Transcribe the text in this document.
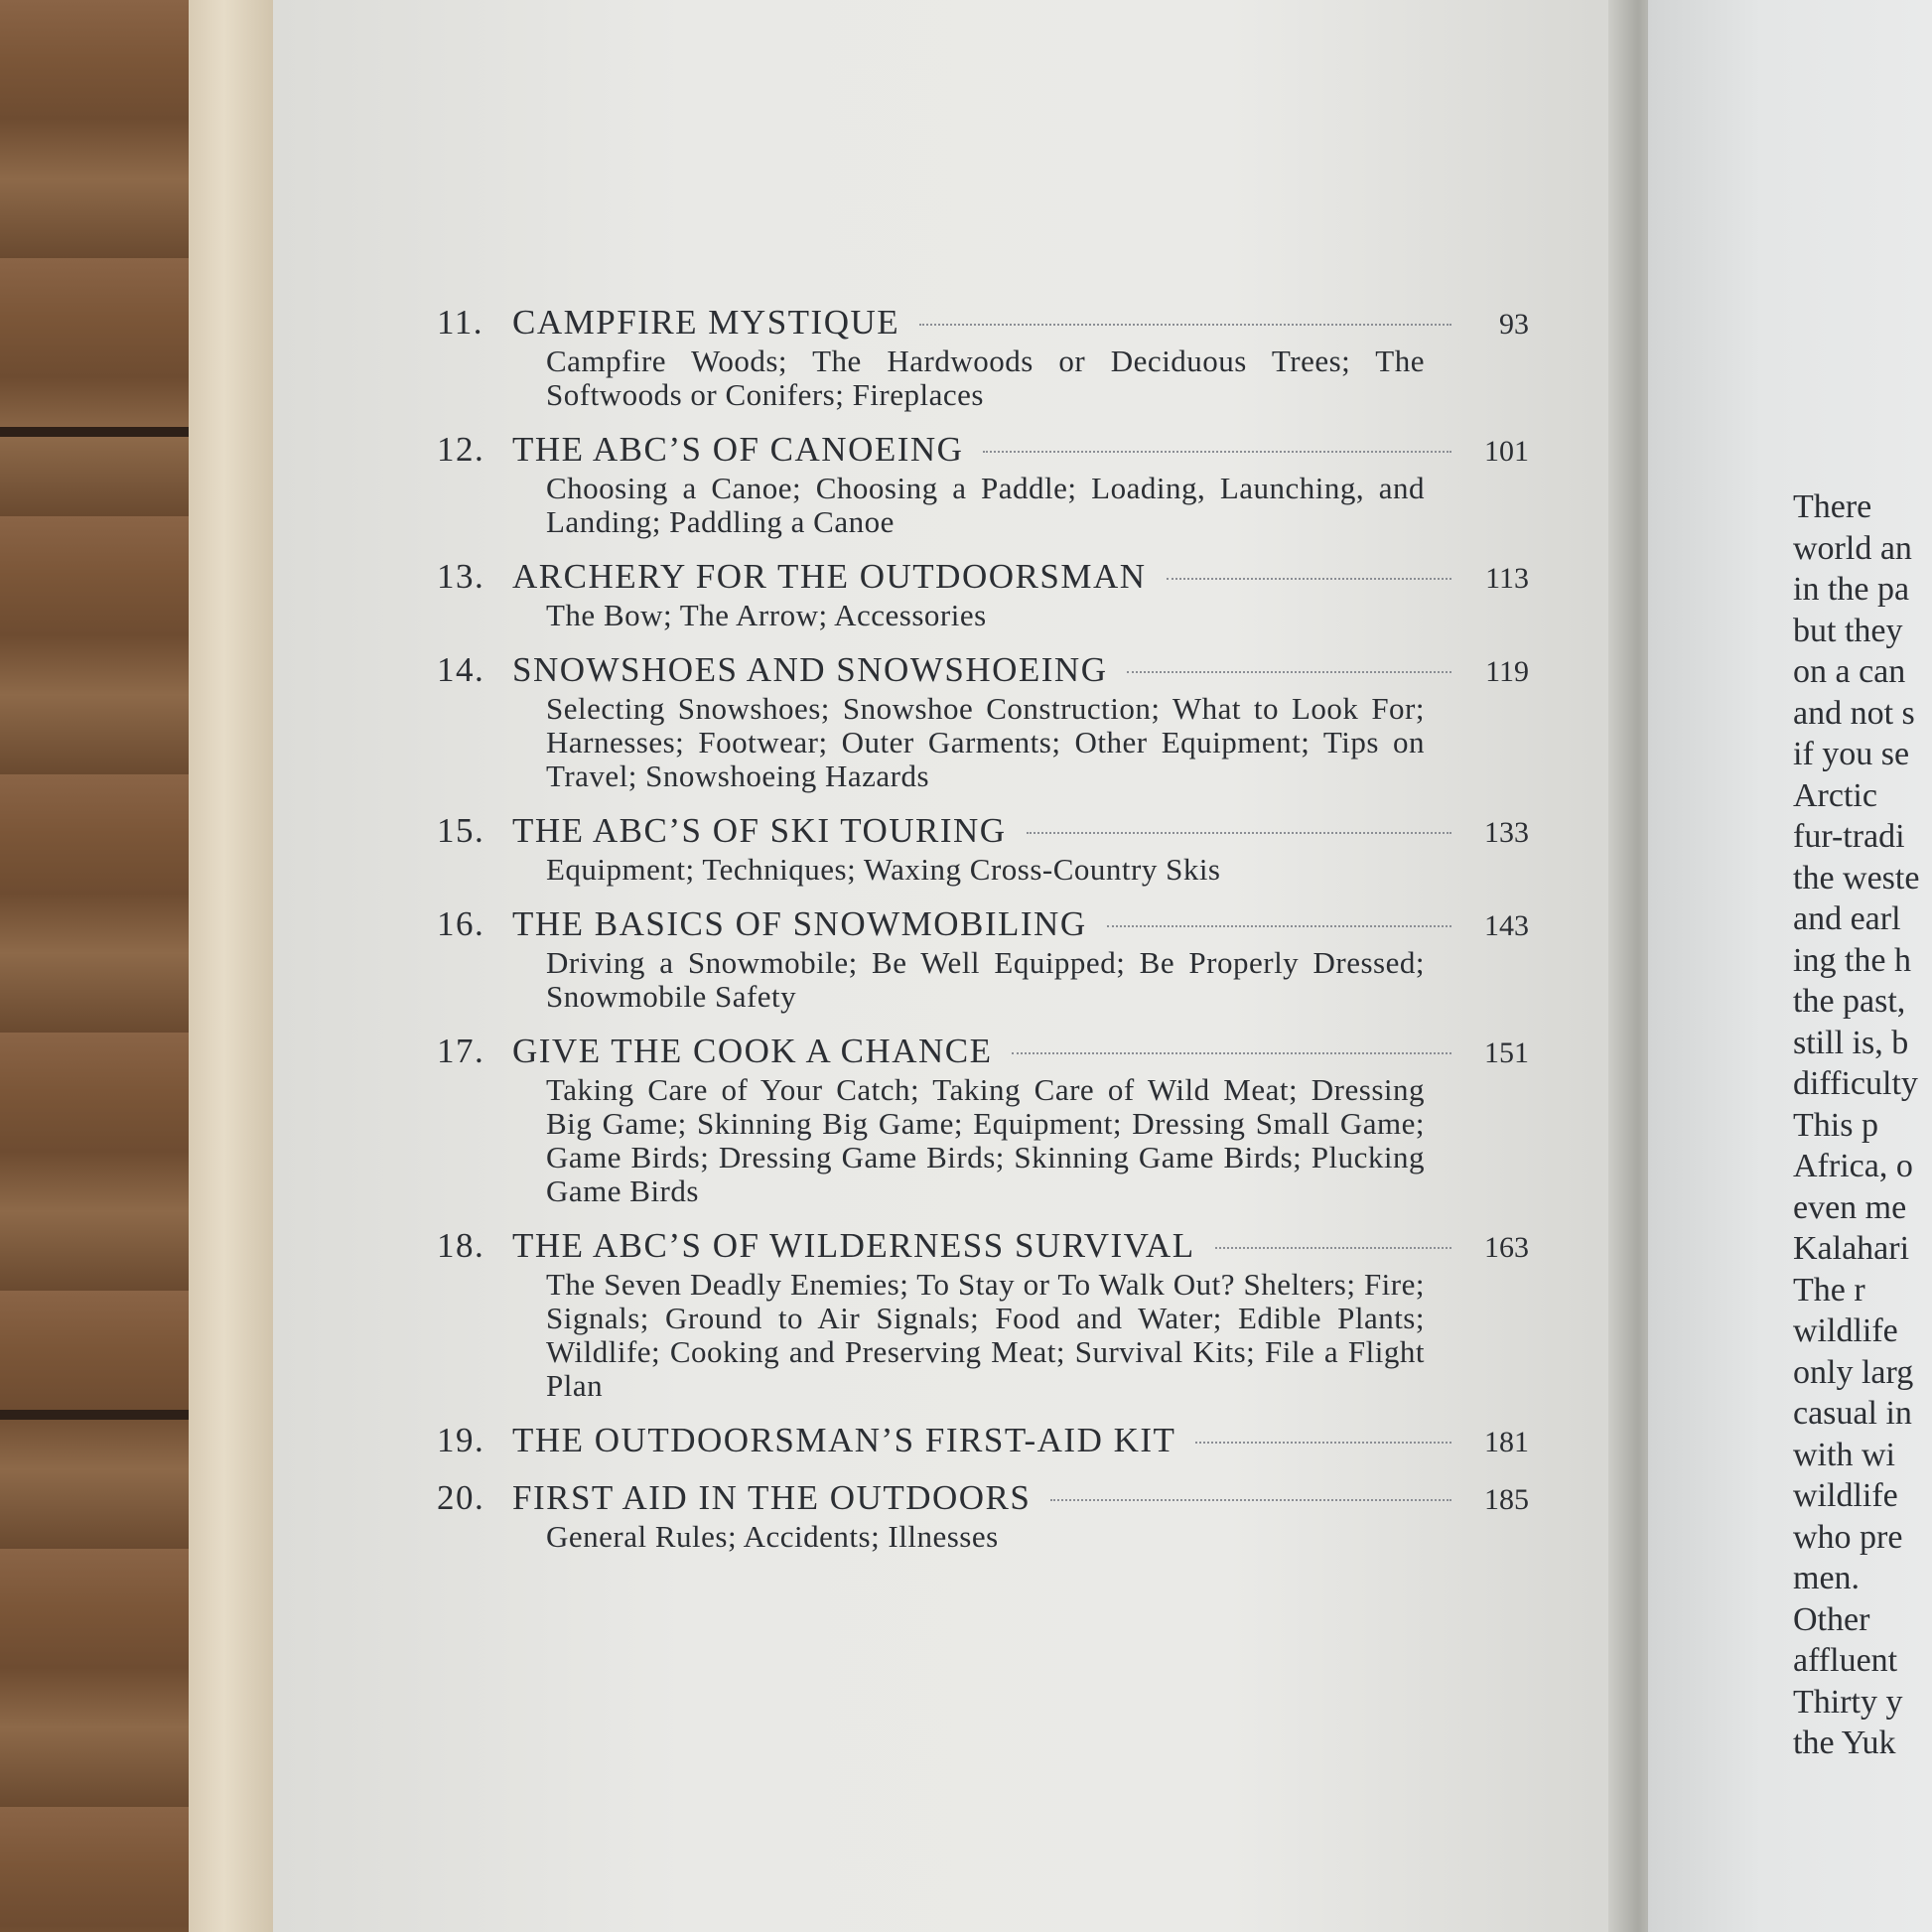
11. CAMPFIRE MYSTIQUE	93
Campfire Woods; The Hardwoods or Deciduous Trees; The Softwoods or Conifers; Fireplaces
12. THE ABC’S OF CANOEING	101
Choosing a Canoe; Choosing a Paddle; Loading, Launching, and Landing; Paddling a Canoe
13. ARCHERY FOR THE OUTDOORSMAN	113
The Bow; The Arrow; Accessories
14. SNOWSHOES AND SNOWSHOEING	119
Selecting Snowshoes; Snowshoe Construction; What to Look For; Harnesses; Footwear; Outer Garments; Other Equipment; Tips on Travel; Snowshoeing Hazards
15. THE ABC’S OF SKI TOURING	133
Equipment; Techniques; Waxing Cross-Country Skis
16. THE BASICS OF SNOWMOBILING	143
Driving a Snowmobile; Be Well Equipped; Be Properly Dressed; Snowmobile Safety
17. GIVE THE COOK A CHANCE	151
Taking Care of Your Catch; Taking Care of Wild Meat; Dressing Big Game; Skinning Big Game; Equipment; Dressing Small Game; Game Birds; Dressing Game Birds; Skinning Game Birds; Plucking Game Birds
18. THE ABC’S OF WILDERNESS SURVIVAL	163
The Seven Deadly Enemies; To Stay or To Walk Out? Shelters; Fire; Signals; Ground to Air Signals; Food and Water; Edible Plants; Wildlife; Cooking and Preserving Meat; Survival Kits; File a Flight Plan
19. THE OUTDOORSMAN’S FIRST-AID KIT	181
20. FIRST AID IN THE OUTDOORS	185
General Rules; Accidents; Illnesses
There
world an
in the pa
but they
on a can
and not s
if you se
Arctic
fur-tradi
the weste
and earl
ing the h
the past,
still is, b
difficulty
This p
Africa, o
even me
Kalahari
The r
wildlife
only larg
casual in
with wi
wildlife
who pre
men.
Other
affluent
Thirty y
the Yuk
